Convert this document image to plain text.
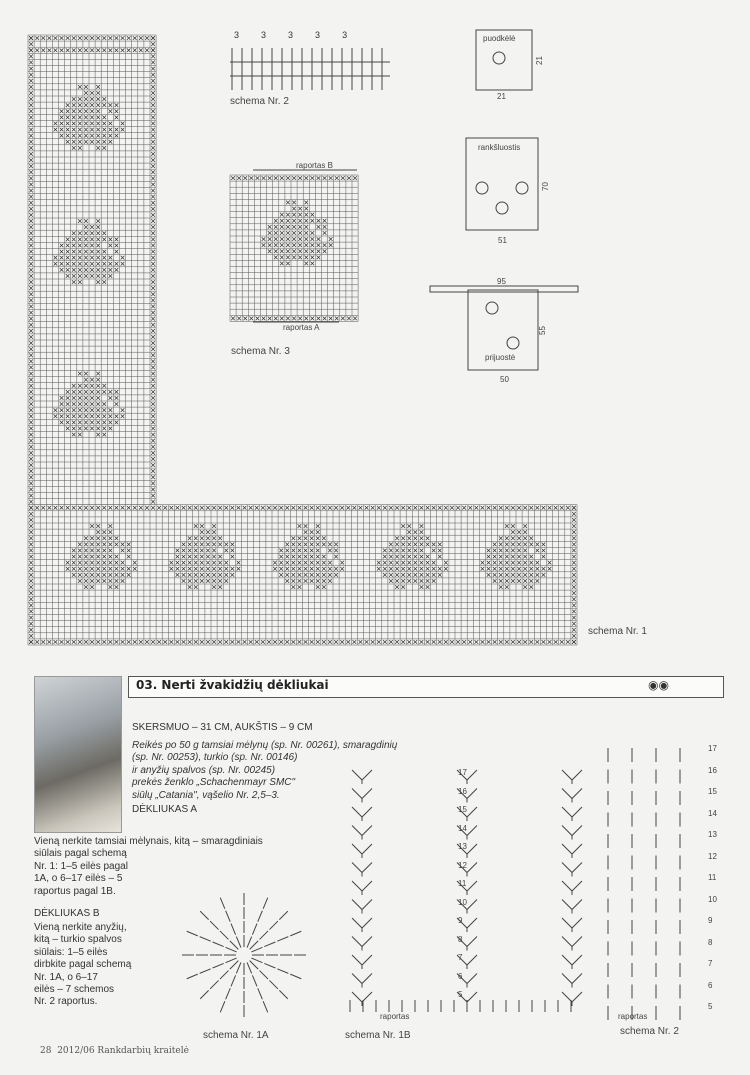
3 3 3 3 3
schema Nr. 2
raportas B
raportas A
schema Nr. 3
puodkėlė
21
21
rankšluostis
70
51
95
prijuostė
55
50
schema Nr. 1
03. Nerti žvakidžių dėkliukai	◉◉
SKERSMUO – 31 CM, AUKŠTIS – 9 CM
Reikės po 50 g tamsiai mėlynų (sp. Nr. 00261), smaragdinių
(sp. Nr. 00253), turkio (sp. Nr. 00146)
ir anyžių spalvos (sp. Nr. 00245)
prekės ženklo „Schachenmayr SMC"
siūlų „Catania", vąšelio Nr. 2,5–3.
DĖKLIUKAS A
Vieną nerkite tamsiai mėlynais, kitą – smaragdiniais
siūlais pagal schemą
Nr. 1: 1–5 eilės pagal
1A, o 6–17 eilės – 5
raportus pagal 1B.
DĖKLIUKAS B
Vieną nerkite anyžių,
kitą – turkio spalvos
siūlais: 1–5 eilės
dirbkite pagal schemą
Nr. 1A, o 6–17
eilės – 7 schemos
Nr. 2 raportus.
schema Nr. 1A	schema Nr. 1B
raportas
schema Nr. 2
raportas
17
16
15
14
13
12
11
10
9
8
7
6
5
17
16
15
14
13
12
11
10
9
8
7
6
5
28 2012/06 Rankdarbių kraitelė
